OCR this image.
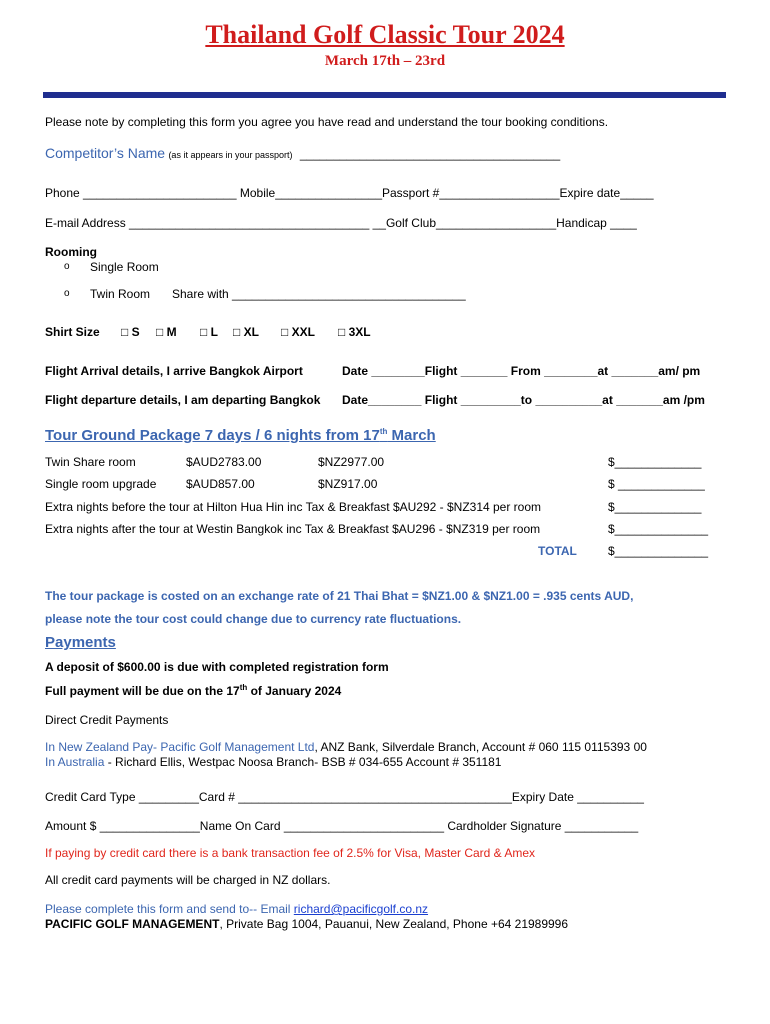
Thailand Golf Classic Tour 2024
March 17th – 23rd
Please note by completing this form you agree you have read and understand the tour booking conditions.
Competitor’s Name (as it appears in your passport) _______________________________________
Phone _______________________ Mobile________________Passport #__________________Expire date_____
E-mail Address ____________________________________ __Golf Club__________________Handicap ____
Rooming
o Single Room
o Twin Room Share with ___________________________________
Shirt Size □ S □ M □ L □ XL □ XXL □ 3XL
Flight Arrival details, I arrive Bangkok Airport	Date ________Flight _______ From ________at _______am/ pm
Flight departure details, I am departing Bangkok Date________ Flight _________to __________at _______am /pm
Tour Ground Package 7 days / 6 nights from 17th March
Twin Share room	$AUD2783.00	$NZ2977.00	$_____________
Single room upgrade $AUD857.00	$NZ917.00	$ _____________
Extra nights before the tour at Hilton Hua Hin inc Tax & Breakfast $AU292 - $NZ314 per room	$_____________
Extra nights after the tour at Westin Bangkok inc Tax & Breakfast $AU296 - $NZ319 per room	$______________
TOTAL	$______________
The tour package is costed on an exchange rate of 21 Thai Bhat = $NZ1.00 & $NZ1.00 = .935 cents AUD,
please note the tour cost could change due to currency rate fluctuations.
Payments
A deposit of $600.00 is due with completed registration form
Full payment will be due on the 17th of January 2024
Direct Credit Payments
In New Zealand Pay- Pacific Golf Management Ltd, ANZ Bank, Silverdale Branch, Account # 060 115 0115393 00
In Australia - Richard Ellis, Westpac Noosa Branch- BSB # 034-655 Account # 351181
Credit Card Type _________Card # _________________________________________Expiry Date __________
Amount $ _______________Name On Card ________________________ Cardholder Signature ___________
If paying by credit card there is a bank transaction fee of 2.5% for Visa, Master Card & Amex
All credit card payments will be charged in NZ dollars.
Please complete this form and send to-- Email richard@pacificgolf.co.nz
PACIFIC GOLF MANAGEMENT, Private Bag 1004, Pauanui, New Zealand, Phone +64 21989996
